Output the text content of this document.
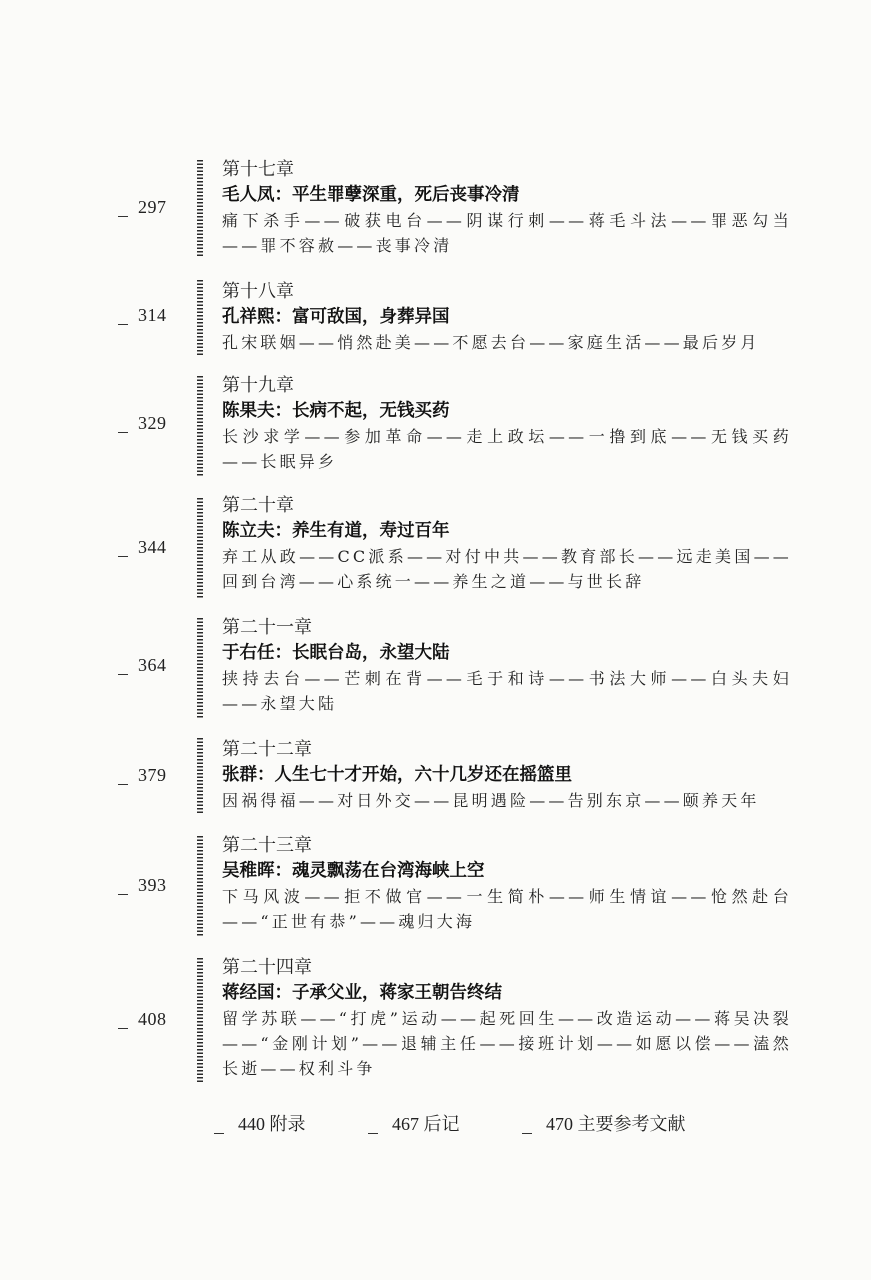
297
第十七章
毛人凤：平生罪孽深重，死后丧事冷清
痛下杀手——破获电台——阴谋行刺——蒋毛斗法——罪恶勾当——罪不容赦——丧事冷清
314
第十八章
孔祥熙：富可敌国，身葬异国
孔宋联姻——悄然赴美——不愿去台——家庭生活——最后岁月
329
第十九章
陈果夫：长病不起，无钱买药
长沙求学——参加革命——走上政坛——一撸到底——无钱买药——长眠异乡
344
第二十章
陈立夫：养生有道，寿过百年
弃工从政——CC派系——对付中共——教育部长——远走美国——回到台湾——心系统一——养生之道——与世长辞
364
第二十一章
于右任：长眠台岛，永望大陆
挟持去台——芒刺在背——毛于和诗——书法大师——白头夫妇——永望大陆
379
第二十二章
张群：人生七十才开始，六十几岁还在摇篮里
因祸得福——对日外交——昆明遇险——告别东京——颐养天年
393
第二十三章
吴稚晖：魂灵飘荡在台湾海峡上空
下马风波——拒不做官——一生简朴——师生情谊——怆然赴台——“正世有恭”——魂归大海
408
第二十四章
蒋经国：子承父业，蒋家王朝告终结
留学苏联——“打虎”运动——起死回生——改造运动——蒋吴决裂——“金刚计划”——退辅主任——接班计划——如愿以偿——溘然长逝——权利斗争
440 附录	467 后记	470 主要参考文献
